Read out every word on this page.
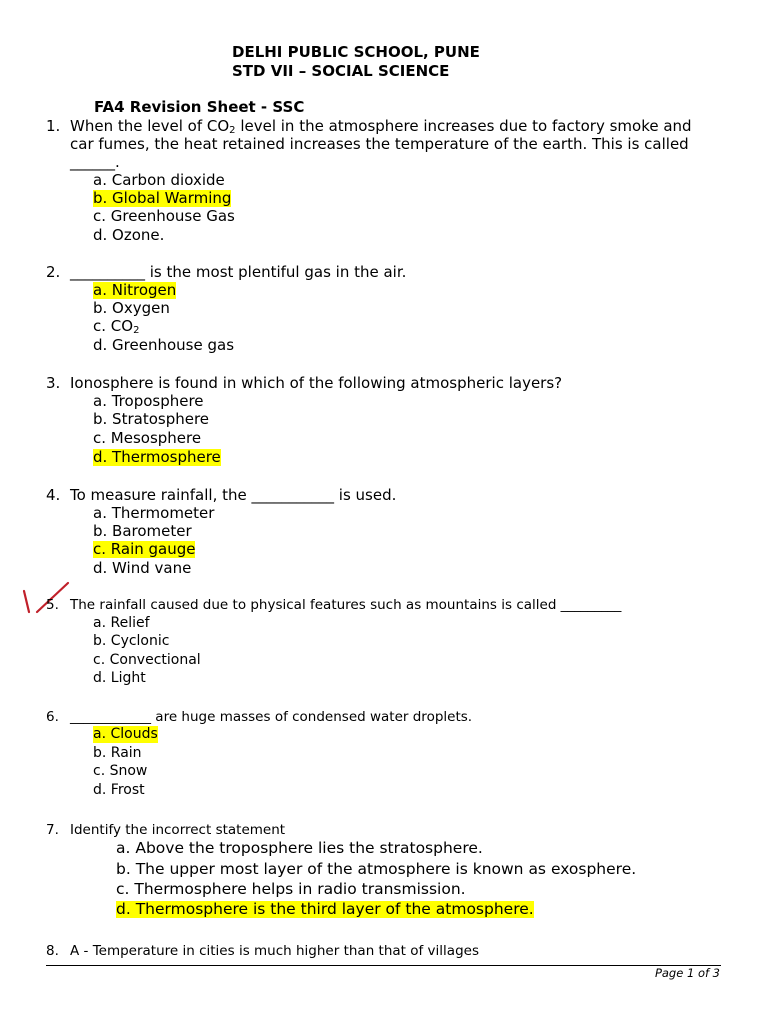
DELHI PUBLIC SCHOOL, PUNE
STD VII – SOCIAL SCIENCE
FA4 Revision Sheet - SSC
1. When the level of $CO_2$ level in the atmosphere increases due to factory smoke and
car fumes, the heat retained increases the temperature of the earth. This is called
______.
a. Carbon dioxide
b. Global Warming
c. Greenhouse Gas
d. Ozone.
2. __________ is the most plentiful gas in the air.
a. Nitrogen
b. Oxygen
c. $CO_2$
d. Greenhouse gas
3. Ionosphere is found in which of the following atmospheric layers?
a. Troposphere
b. Stratosphere
c. Mesosphere
d. Thermosphere
4. To measure rainfall, the ___________ is used.
a. Thermometer
b. Barometer
c. Rain gauge
d. Wind vane
5. The rainfall caused due to physical features such as mountains is called _________
a. Relief
b. Cyclonic
c. Convectional
d. Light
6. ____________ are huge masses of condensed water droplets.
a. Clouds
b. Rain
c. Snow
d. Frost
7. Identify the incorrect statement
a. Above the troposphere lies the stratosphere.
b. The upper most layer of the atmosphere is known as exosphere.
c. Thermosphere helps in radio transmission.
d. Thermosphere is the third layer of the atmosphere.
8. A - Temperature in cities is much higher than that of villages
Page 1 of 3
